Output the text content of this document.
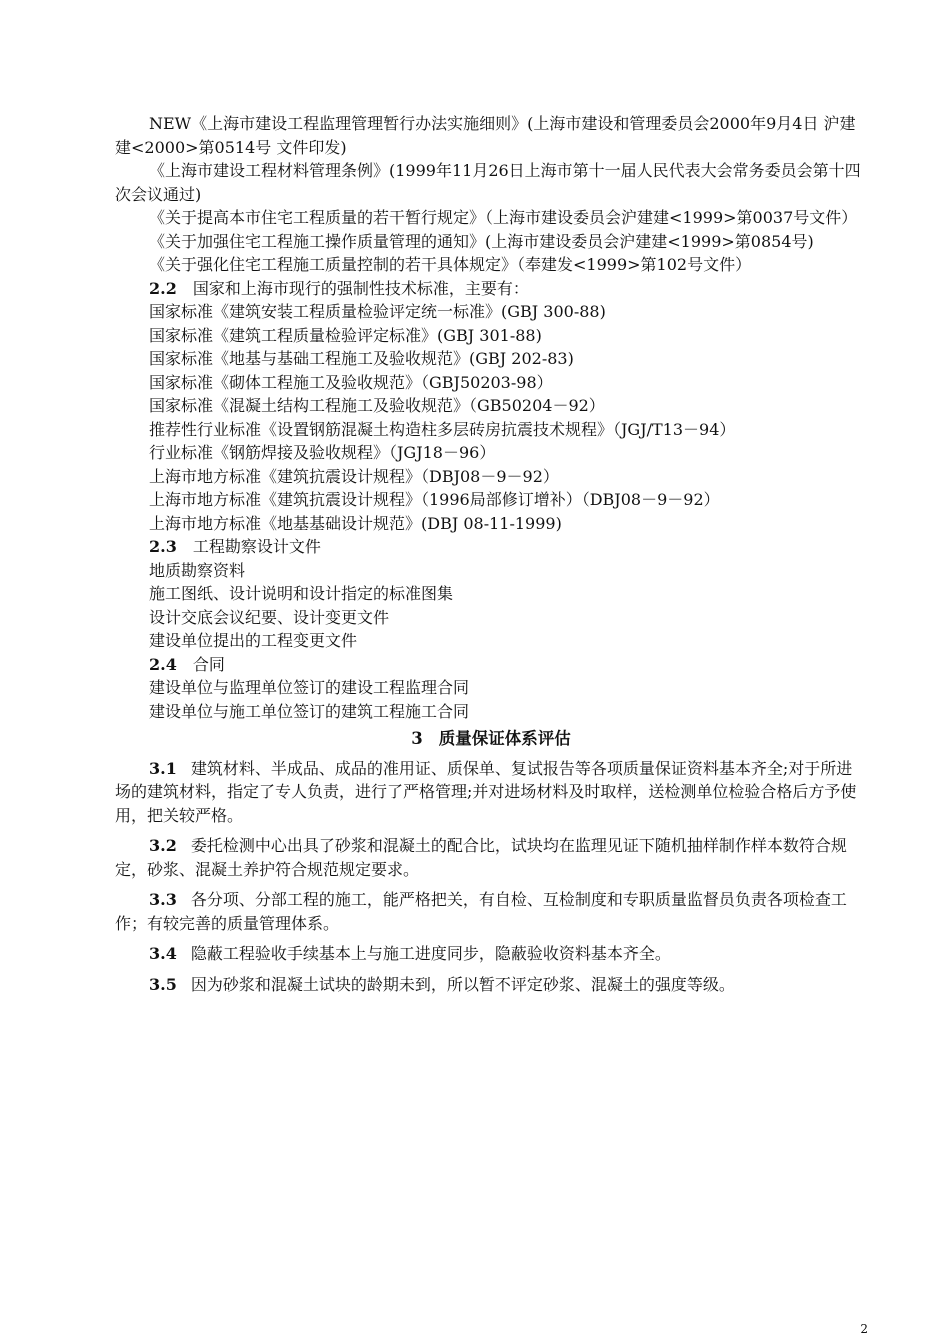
NEW《上海市建设工程监理管理暂行办法实施细则》(上海市建设和管理委员会2000年9月4日 沪建建<2000>第0514号 文件印发)

《上海市建设工程材料管理条例》(1999年11月26日上海市第十一届人民代表大会常务委员会第十四次会议通过)

《关于提高本市住宅工程质量的若干暂行规定》（上海市建设委员会沪建建<1999>第0037号文件）

《关于加强住宅工程施工操作质量管理的通知》(上海市建设委员会沪建建<1999>第0854号)

《关于强化住宅工程施工质量控制的若干具体规定》（奉建发<1999>第102号文件）

2.2 国家和上海市现行的强制性技术标准，主要有：

国家标准《建筑安装工程质量检验评定统一标准》(GBJ 300-88)

国家标准《建筑工程质量检验评定标准》(GBJ 301-88)

国家标准《地基与基础工程施工及验收规范》(GBJ 202-83)

国家标准《砌体工程施工及验收规范》（GBJ50203-98）

国家标准《混凝土结构工程施工及验收规范》（GB50204－92）

推荐性行业标准《设置钢筋混凝土构造柱多层砖房抗震技术规程》（JGJ/T13－94）

行业标准《钢筋焊接及验收规程》（JGJ18－96）

上海市地方标准《建筑抗震设计规程》（DBJ08－9－92）

上海市地方标准《建筑抗震设计规程》（1996局部修订增补）（DBJ08－9－92）

上海市地方标准《地基基础设计规范》(DBJ 08-11-1999)

2.3 工程勘察设计文件

地质勘察资料

施工图纸、设计说明和设计指定的标准图集

设计交底会议纪要、设计变更文件

建设单位提出的工程变更文件

2.4 合同

建设单位与监理单位签订的建设工程监理合同

建设单位与施工单位签订的建筑工程施工合同

3 质量保证体系评估

3.1 建筑材料、半成品、成品的准用证、质保单、复试报告等各项质量保证资料基本齐全;对于所进场的建筑材料，指定了专人负责，进行了严格管理;并对进场材料及时取样，送检测单位检验合格后方予使用，把关较严格。

3.2 委托检测中心出具了砂浆和混凝土的配合比，试块均在监理见证下随机抽样制作样本数符合规定，砂浆、混凝土养护符合规范规定要求。

3.3 各分项、分部工程的施工，能严格把关，有自检、互检制度和专职质量监督员负责各项检查工作；有较完善的质量管理体系。

3.4 隐蔽工程验收手续基本上与施工进度同步，隐蔽验收资料基本齐全。

3.5 因为砂浆和混凝土试块的龄期未到，所以暂不评定砂浆、混凝土的强度等级。

2
